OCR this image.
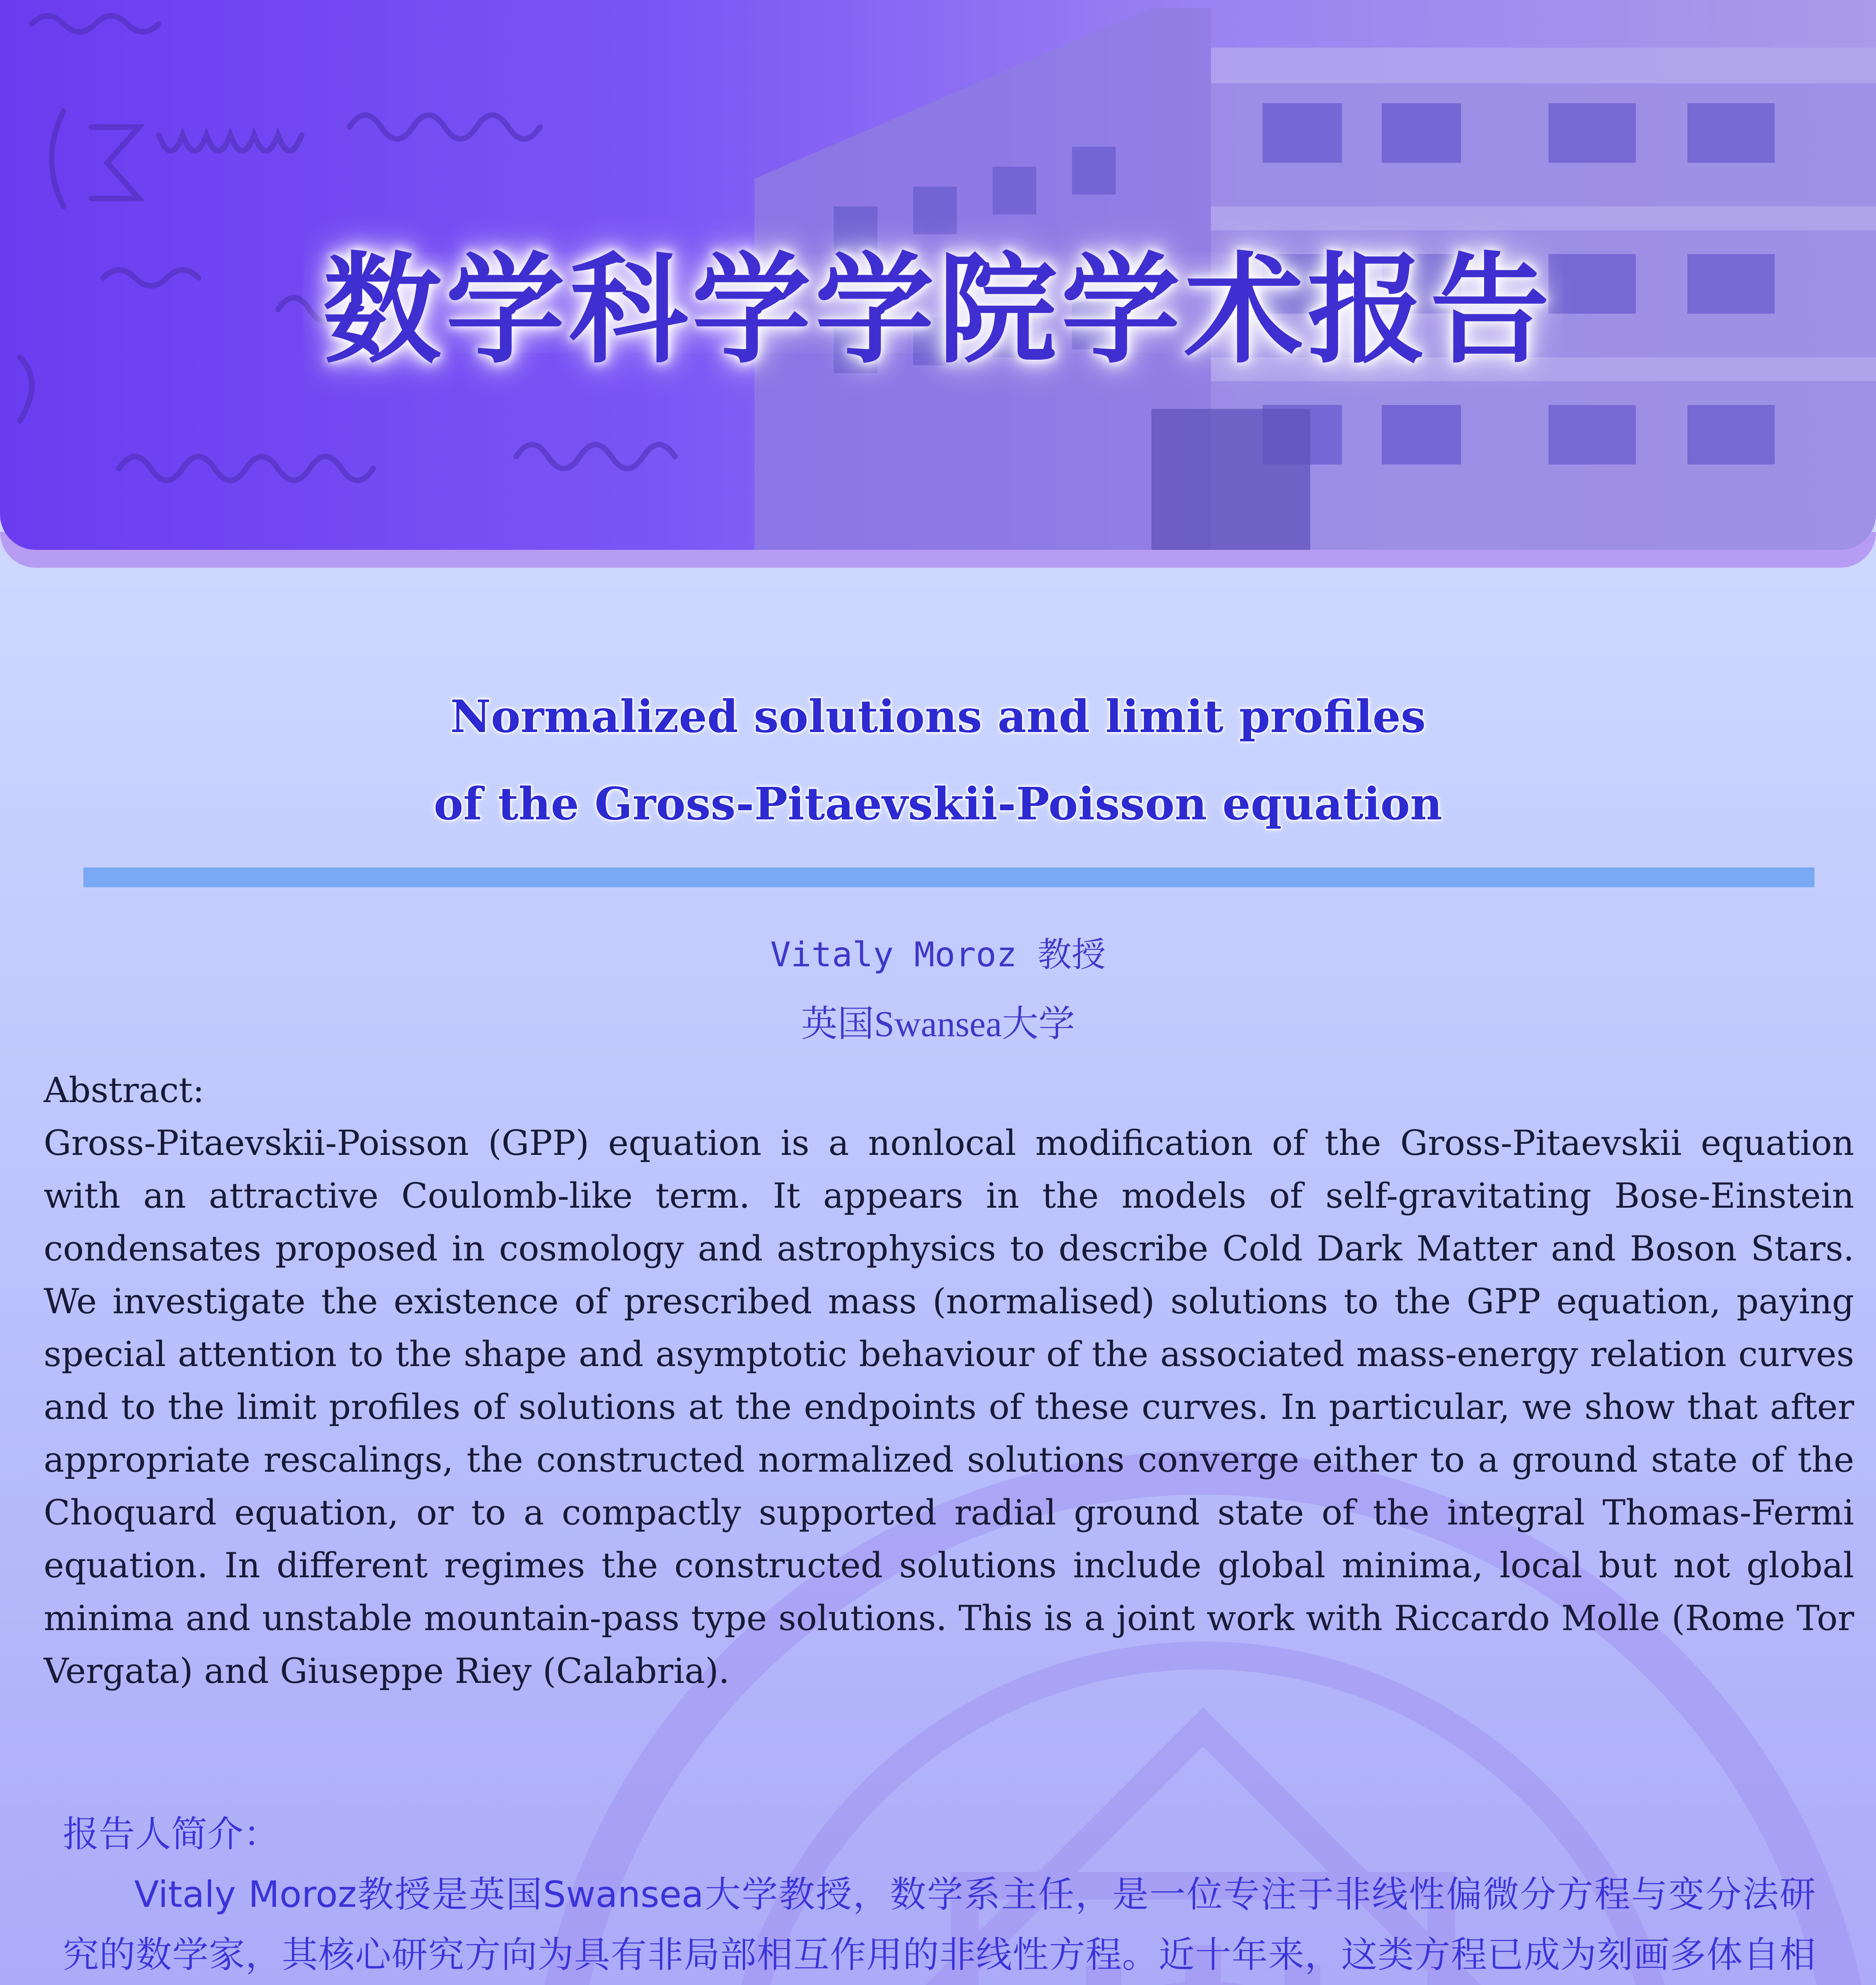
数学科学学院学术报告
Normalized solutions and limit profiles
of the Gross-Pitaevskii-Poisson equation
Vitaly Moroz 教授
英国Swansea大学
Abstract:
Gross-Pitaevskii-Poisson (GPP) equation is a nonlocal modification of the Gross-Pitaevskii equation with an attractive Coulomb-like term. It appears in the models of self-gravitating Bose-Einstein condensates proposed in cosmology and astrophysics to describe Cold Dark Matter and Boson Stars. We investigate the existence of prescribed mass (normalised) solutions to the GPP equation, paying special attention to the shape and asymptotic behaviour of the associated mass-energy relation curves and to the limit profiles of solutions at the endpoints of these curves. In particular, we show that after appropriate rescalings, the constructed normalized solutions converge either to a ground state of the Choquard equation, or to a compactly supported radial ground state of the integral Thomas-Fermi equation. In different regimes the constructed solutions include global minima, local but not global minima and unstable mountain-pass type solutions. This is a joint work with Riccardo Molle (Rome Tor Vergata) and Giuseppe Riey (Calabria).
报告人简介：
Vitaly Moroz教授是英国Swansea大学教授，数学系主任，是一位专注于非线性偏微分方程与变分法研究的数学家，其核心研究方向为具有非局部相互作用的非线性方程。近十年来，这类方程已成为刻画多体自相
